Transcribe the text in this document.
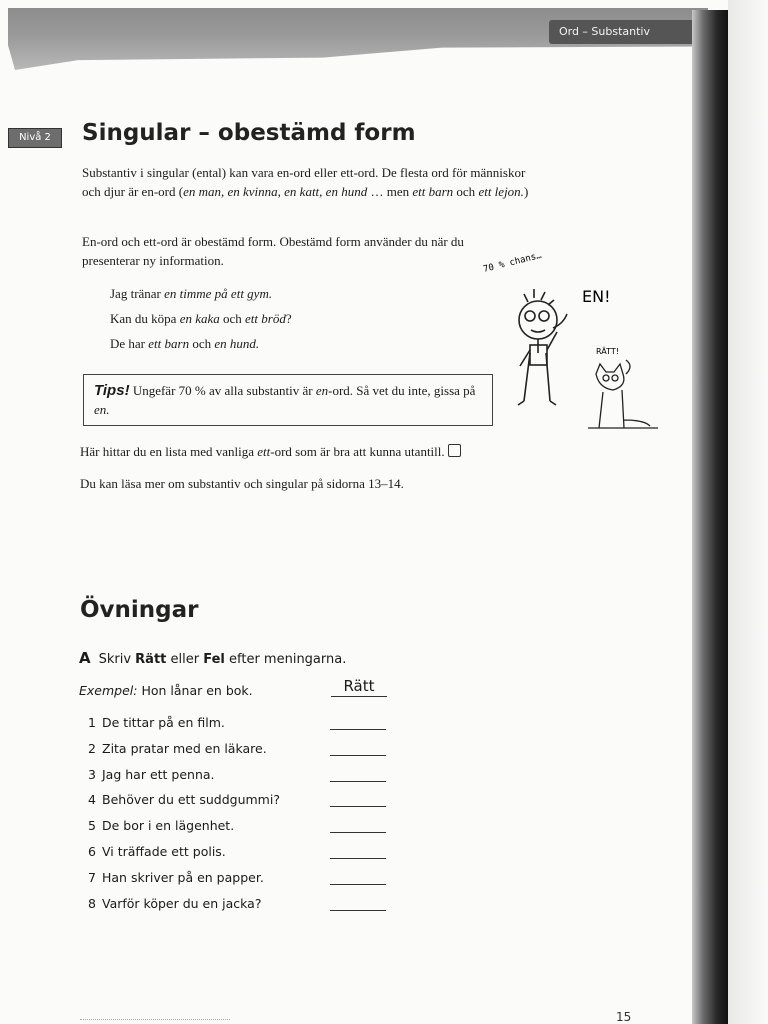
Ord – Substantiv
Nivå 2	Singular – obestämd form

Substantiv i singular (ental) kan vara en-ord eller ett-ord. De flesta ord för människor och djur är en-ord (en man, en kvinna, en katt, en hund … men ett barn och ett lejon.)

En-ord och ett-ord är obestämd form. Obestämd form använder du när du presenterar ny information.

Jag tränar en timme på ett gym.
Kan du köpa en kaka och ett bröd?
De har ett barn och en hund.
70 % chans…
EN!
RÄTT!
Tips! Ungefär 70 % av alla substantiv är en-ord. Så vet du inte, gissa på en.

Här hittar du en lista med vanliga ett-ord som är bra att kunna utantill.

Du kan läsa mer om substantiv och singular på sidorna 13–14.

Övningar
A Skriv Rätt eller Fel efter meningarna.
Exempel: Hon lånar en bok.	Rätt
1 De tittar på en film.
2 Zita pratar med en läkare.
3 Jag har ett penna.
4 Behöver du ett suddgummi?
5 De bor i en lägenhet.
6 Vi träffade ett polis.
7 Han skriver på en papper.
8 Varför köper du en jacka?
15
